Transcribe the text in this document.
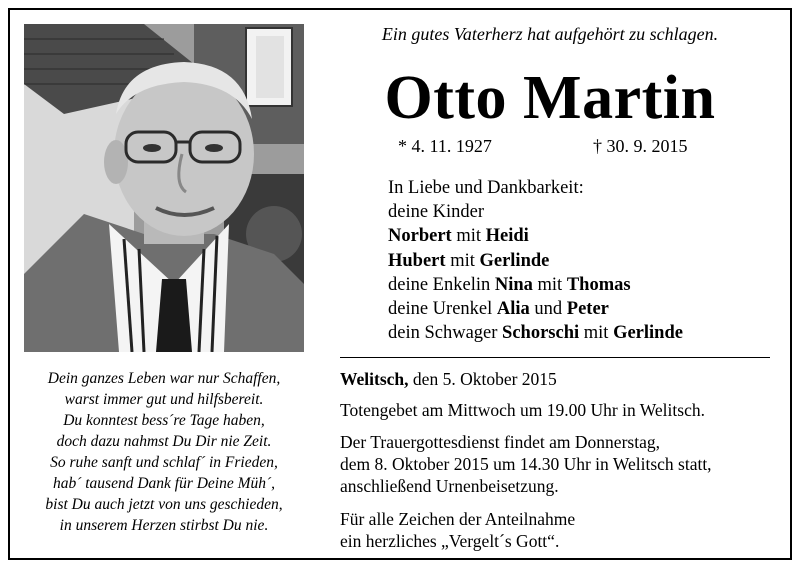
Dein ganzes Leben war nur Schaffen,
warst immer gut und hilfsbereit.
Du konntest bess´re Tage haben,
doch dazu nahmst Du Dir nie Zeit.
So ruhe sanft und schlaf´ in Frieden,
hab´ tausend Dank für Deine Müh´,
bist Du auch jetzt von uns geschieden,
in unserem Herzen stirbst Du nie.
Ein gutes Vaterherz hat aufgehört zu schlagen.
Otto Martin
* 4. 11. 1927	† 30. 9. 2015
In Liebe und Dankbarkeit:
deine Kinder
Norbert mit Heidi
Hubert mit Gerlinde
deine Enkelin Nina mit Thomas
deine Urenkel Alia und Peter
dein Schwager Schorschi mit Gerlinde
Welitsch, den 5. Oktober 2015
Totengebet am Mittwoch um 19.00 Uhr in Welitsch.
Der Trauergottesdienst findet am Donnerstag,
dem 8. Oktober 2015 um 14.30 Uhr in Welitsch statt,
anschließend Urnenbeisetzung.
Für alle Zeichen der Anteilnahme
ein herzliches „Vergelt´s Gott“.
